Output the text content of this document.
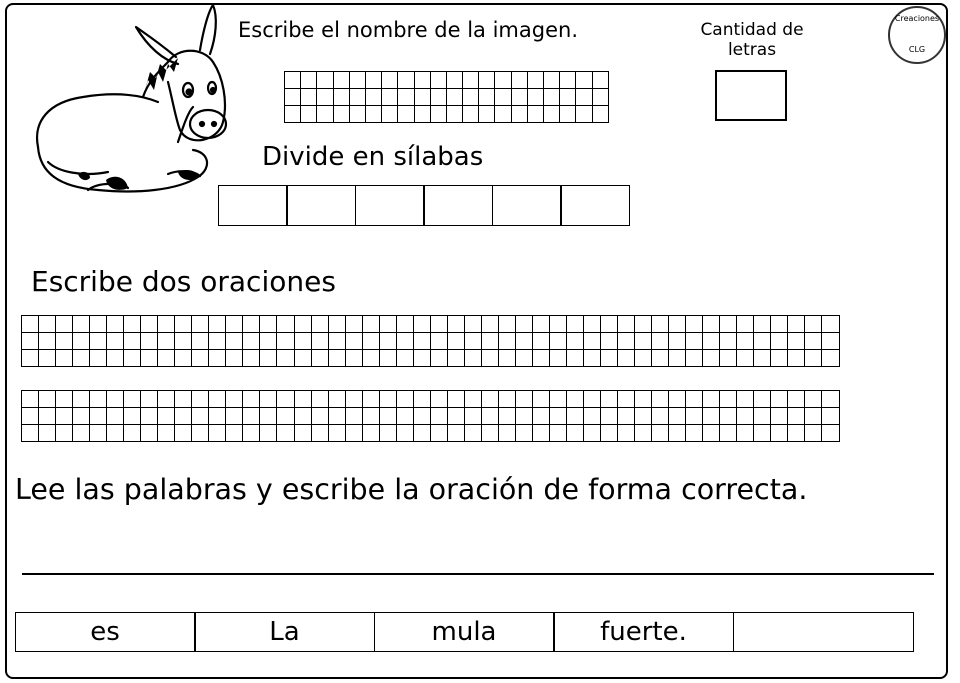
Escribe el nombre de la imagen.	Cantidad de letras
Creaciones
CLG

Divide en sílabas
Escribe dos oraciones

Lee las palabras y escribe la oración de forma correcta.
es	La	mula	fuerte.
